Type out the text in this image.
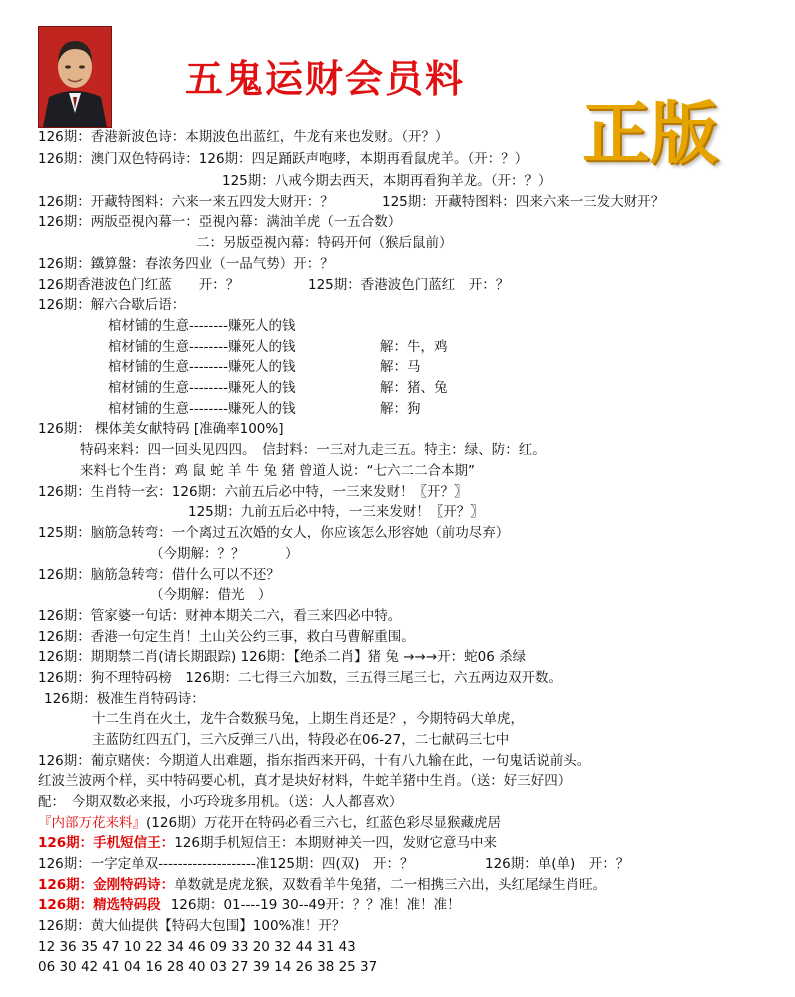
五鬼运财会员料
正版
126期：香港新波色诗：本期波色出蓝红，牛龙有来也发财。（开？）
126期：澳门双色特码诗：126期：四足踊跃声咆哮，本期再看鼠虎羊。（开：？）
125期：八戒今期去西天，本期再看狗羊龙。（开：？）
126期：开藏特图料：六来一来五四发大财开：？	125期：开藏特图料：四来六来一三发大财开？
126期：两版亞視內幕一：亞視內幕：满油羊虎（一五合数）
二：另版亞視內幕：特码开何（猴后鼠前）
126期：鐵算盤：春浓务四业（一品气势）开：？
126期香港波色门红蓝　　开：？	125期：香港波色门蓝红　开：？
126期：解六合歇后语：
棺材铺的生意--------赚死人的钱
棺材铺的生意--------赚死人的钱	解：牛，鸡
棺材铺的生意--------赚死人的钱	解：马
棺材铺的生意--------赚死人的钱	解：猪、兔
棺材铺的生意--------赚死人的钱	解：狗
126期： 棵体美女献特码 [准确率100%]
特码来料：四一回头见四四。　信封料：一三对九走三五。特主：绿、防：红。
来料七个生肖：鸡 鼠 蛇 羊 牛 兔 猪 曾道人说：“七六二二合本期”
126期：生肖特一玄：126期：六前五后必中特，一三来发财！〖开？〗
125期：九前五后必中特，一三来发财！〖开？〗
125期：脑筋急转弯：一个离过五次婚的女人，你应该怎么形容她（前功尽弃）
（今期解：？？　　　）
126期：脑筋急转弯：借什么可以不还？
（今期解：借光　）
126期：管家婆一句话：财神本期关二六，看三来四必中特。
126期：香港一句定生肖！土山关公约三事，救白马曹解重围。
126期：期期禁二肖(请长期跟踪) 126期：【绝杀二肖】猪 兔 →→→开：蛇06 杀绿
126期：狗不理特码榜　126期：二七得三六加数，三五得三尾三七，六五两边双开数。
126期：极准生肖特码诗：
十二生肖在火土，龙牛合数猴马兔，上期生肖还是？，今期特码大单虎，
主蓝防红四五门，三六反弹三八出，特段必在06-27，二七献码三七中
126期：葡京赌侠：今期道人出难题，指东指西来开码，十有八九输在此，一句鬼话说前头。
红波兰波两个样，买中特码要心机，真才是块好材料，牛蛇羊猪中生肖。（送：好三好四）
配：　今期双数必来报，小巧玲珑多用机。（送：人人都喜欢）
『内部万花来料』(126期）万花开在特码必看三六七，红蓝色彩尽显猴藏虎居
126期：手机短信王：126期手机短信王：本期财神关一四，发财它意马中来
126期：一字定单双--------------------准125期：四(双)　开：？	126期：单(单)　开：？
126期：金刚特码诗：单数就是虎龙猴，双数看羊牛兔猪，二一相携三六出，头红尾绿生肖旺。
126期：精选特码段 126期：01----19 30--49开：？？准！准！准！
126期：黄大仙提供【特码大包围】100%准！开？
12 36 35 47 10 22 34 46 09 33 20 32 44 31 43
06 30 42 41 04 16 28 40 03 27 39 14 26 38 25 37
